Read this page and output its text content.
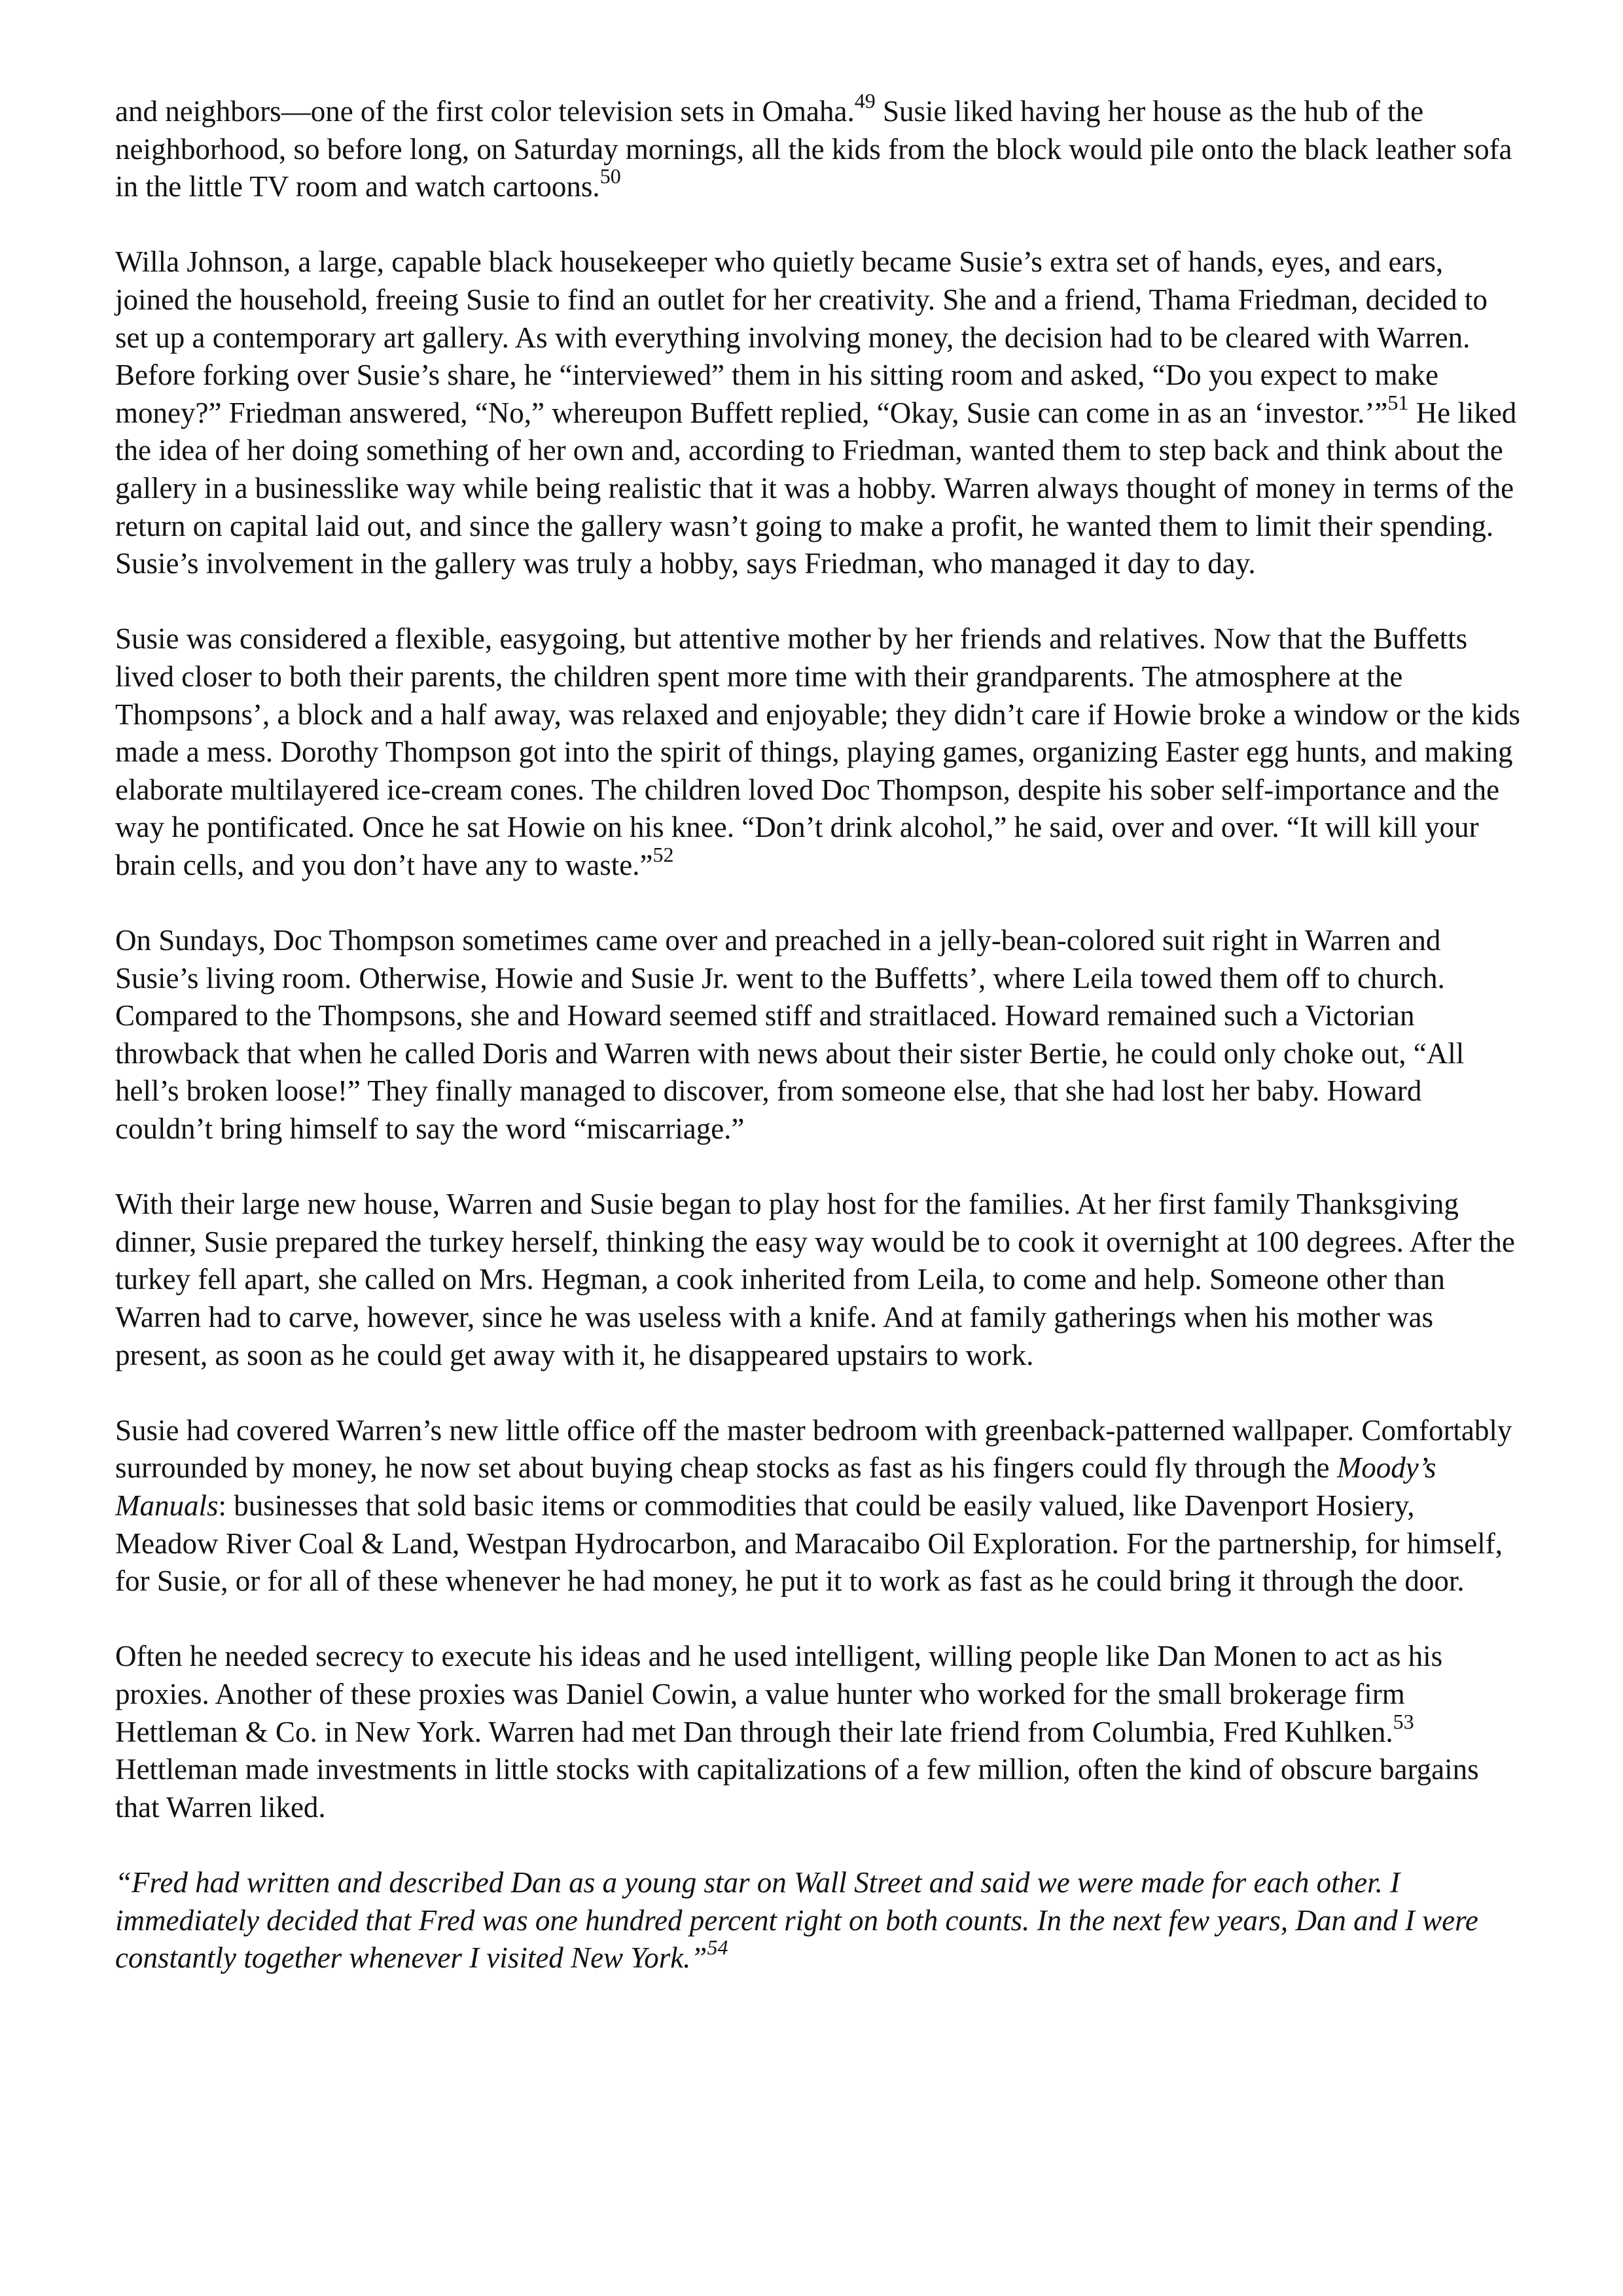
and neighbors—one of the first color television sets in Omaha.$^{49}$ Susie liked having her house as the hub of the neighborhood, so before long, on Saturday mornings, all the kids from the block would pile onto the black leather sofa in the little TV room and watch cartoons.$^{50}$

Willa Johnson, a large, capable black housekeeper who quietly became Susie’s extra set of hands, eyes, and ears, joined the household, freeing Susie to find an outlet for her creativity. She and a friend, Thama Friedman, decided to set up a contemporary art gallery. As with everything involving money, the decision had to be cleared with Warren. Before forking over Susie’s share, he “interviewed” them in his sitting room and asked, “Do you expect to make money?” Friedman answered, “No,” whereupon Buffett replied, “Okay, Susie can come in as an ‘investor.’”$^{51}$ He liked the idea of her doing something of her own and, according to Friedman, wanted them to step back and think about the gallery in a businesslike way while being realistic that it was a hobby. Warren always thought of money in terms of the return on capital laid out, and since the gallery wasn’t going to make a profit, he wanted them to limit their spending. Susie’s involvement in the gallery was truly a hobby, says Friedman, who managed it day to day.

Susie was considered a flexible, easygoing, but attentive mother by her friends and relatives. Now that the Buffetts lived closer to both their parents, the children spent more time with their grandparents. The atmosphere at the Thompsons’, a block and a half away, was relaxed and enjoyable; they didn’t care if Howie broke a window or the kids made a mess. Dorothy Thompson got into the spirit of things, playing games, organizing Easter egg hunts, and making elaborate multilayered ice-cream cones. The children loved Doc Thompson, despite his sober self-importance and the way he pontificated. Once he sat Howie on his knee. “Don’t drink alcohol,” he said, over and over. “It will kill your brain cells, and you don’t have any to waste.”$^{52}$

On Sundays, Doc Thompson sometimes came over and preached in a jelly-bean-colored suit right in Warren and Susie’s living room. Otherwise, Howie and Susie Jr. went to the Buffetts’, where Leila towed them off to church. Compared to the Thompsons, she and Howard seemed stiff and straitlaced. Howard remained such a Victorian throwback that when he called Doris and Warren with news about their sister Bertie, he could only choke out, “All hell’s broken loose!” They finally managed to discover, from someone else, that she had lost her baby. Howard couldn’t bring himself to say the word “miscarriage.”

With their large new house, Warren and Susie began to play host for the families. At her first family Thanksgiving dinner, Susie prepared the turkey herself, thinking the easy way would be to cook it overnight at 100 degrees. After the turkey fell apart, she called on Mrs. Hegman, a cook inherited from Leila, to come and help. Someone other than Warren had to carve, however, since he was useless with a knife. And at family gatherings when his mother was present, as soon as he could get away with it, he disappeared upstairs to work.

Susie had covered Warren’s new little office off the master bedroom with greenback-patterned wallpaper. Comfortably surrounded by money, he now set about buying cheap stocks as fast as his fingers could fly through the Moody’s Manuals: businesses that sold basic items or commodities that could be easily valued, like Davenport Hosiery, Meadow River Coal & Land, Westpan Hydrocarbon, and Maracaibo Oil Exploration. For the partnership, for himself, for Susie, or for all of these whenever he had money, he put it to work as fast as he could bring it through the door.

Often he needed secrecy to execute his ideas and he used intelligent, willing people like Dan Monen to act as his proxies. Another of these proxies was Daniel Cowin, a value hunter who worked for the small brokerage firm Hettleman & Co. in New York. Warren had met Dan through their late friend from Columbia, Fred Kuhlken.$^{53}$ Hettleman made investments in little stocks with capitalizations of a few million, often the kind of obscure bargains that Warren liked.

“Fred had written and described Dan as a young star on Wall Street and said we were made for each other. I immediately decided that Fred was one hundred percent right on both counts. In the next few years, Dan and I were constantly together whenever I visited New York.”$^{54}$
